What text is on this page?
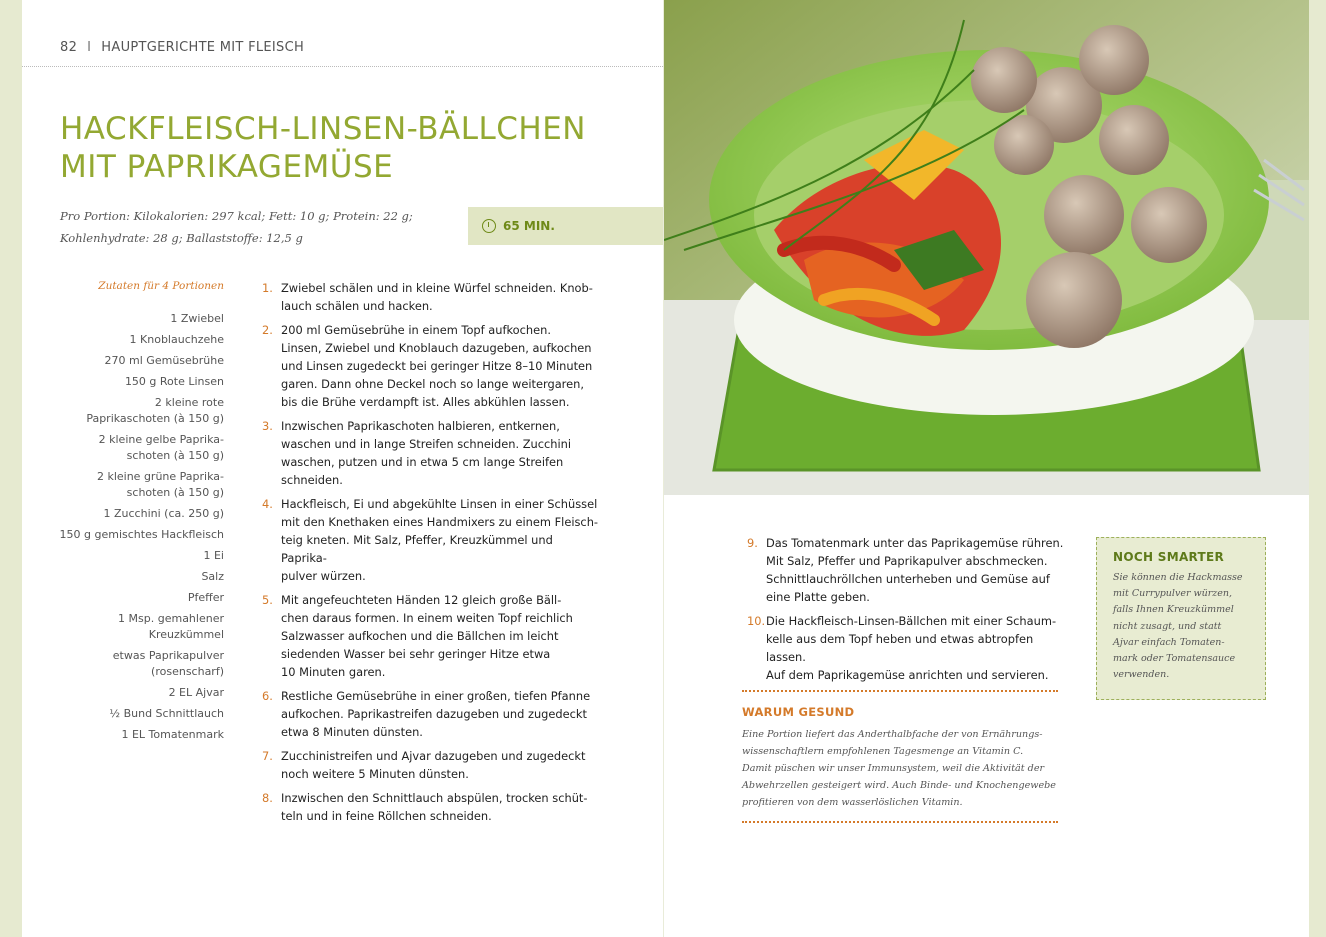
82 I HAUPTGERICHTE MIT FLEISCH
HACKFLEISCH-LINSEN-BÄLLCHEN
MIT PAPRIKAGEMÜSE
Pro Portion: Kilokalorien: 297 kcal; Fett: 10 g; Protein: 22 g;
Kohlenhydrate: 28 g; Ballaststoffe: 12,5 g
65 MIN.
Zutaten für 4 Portionen
1 Zwiebel
1 Knoblauchzehe
270 ml Gemüsebrühe
150 g Rote Linsen
2 kleine rote
Paprikaschoten (à 150 g)
2 kleine gelbe Paprika-
schoten (à 150 g)
2 kleine grüne Paprika-
schoten (à 150 g)
1 Zucchini (ca. 250 g)
150 g gemischtes Hackfleisch
1 Ei
Salz
Pfeffer
1 Msp. gemahlener
Kreuzkümmel
etwas Paprikapulver
(rosenscharf)
2 EL Ajvar
½ Bund Schnittlauch
1 EL Tomatenmark
1. Zwiebel schälen und in kleine Würfel schneiden. Knob-
lauch schälen und hacken.
2. 200 ml Gemüsebrühe in einem Topf aufkochen.
Linsen, Zwiebel und Knoblauch dazugeben, aufkochen
und Linsen zugedeckt bei geringer Hitze 8–10 Minuten
garen. Dann ohne Deckel noch so lange weitergaren,
bis die Brühe verdampft ist. Alles abkühlen lassen.
3. Inzwischen Paprikaschoten halbieren, entkernen,
waschen und in lange Streifen schneiden. Zucchini
waschen, putzen und in etwa 5 cm lange Streifen
schneiden.
4. Hackfleisch, Ei und abgekühlte Linsen in einer Schüssel
mit den Knethaken eines Handmixers zu einem Fleisch-
teig kneten. Mit Salz, Pfeffer, Kreuzkümmel und Paprika-
pulver würzen.
5. Mit angefeuchteten Händen 12 gleich große Bäll-
chen daraus formen. In einem weiten Topf reichlich
Salzwasser aufkochen und die Bällchen im leicht
siedenden Wasser bei sehr geringer Hitze etwa
10 Minuten garen.
6. Restliche Gemüsebrühe in einer großen, tiefen Pfanne
aufkochen. Paprikastreifen dazugeben und zugedeckt
etwa 8 Minuten dünsten.
7. Zucchinistreifen und Ajvar dazugeben und zugedeckt
noch weitere 5 Minuten dünsten.
8. Inzwischen den Schnittlauch abspülen, trocken schüt-
teln und in feine Röllchen schneiden.
9. Das Tomatenmark unter das Paprikagemüse rühren.
Mit Salz, Pfeffer und Paprikapulver abschmecken.
Schnittlauchröllchen unterheben und Gemüse auf
eine Platte geben.
10. Die Hackfleisch-Linsen-Bällchen mit einer Schaum-
kelle aus dem Topf heben und etwas abtropfen lassen.
Auf dem Paprikagemüse anrichten und servieren.
NOCH SMARTER
Sie können die Hackmasse
mit Currypulver würzen,
falls Ihnen Kreuzkümmel
nicht zusagt, und statt
Ajvar einfach Tomaten-
mark oder Tomatensauce
verwenden.
WARUM GESUND
Eine Portion liefert das Anderthalbfache der von Ernährungs-
wissenschaftlern empfohlenen Tagesmenge an Vitamin C.
Damit püschen wir unser Immunsystem, weil die Aktivität der
Abwehrzellen gesteigert wird. Auch Binde- und Knochengewebe
profitieren von dem wasserlöslichen Vitamin.
